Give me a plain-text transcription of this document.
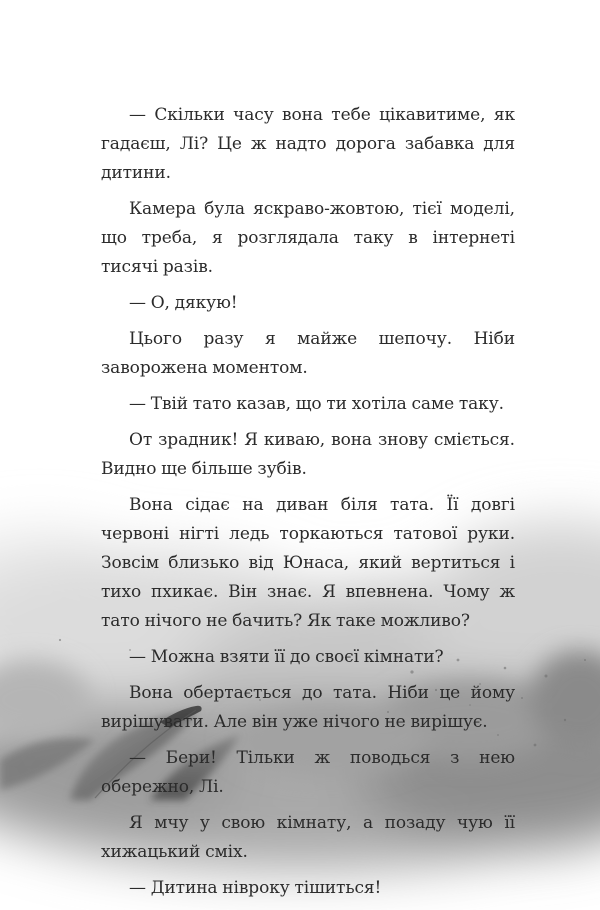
— Скільки часу вона тебе цікавитиме, як гадаєш, Лі? Це ж надто дорога забавка для дитини.

Камера була яскраво-жовтою, тієї моделі, що треба, я розглядала таку в інтернеті тисячі разів.

— О, дякую!

Цього разу я майже шепочу. Ніби заворожена моментом.

— Твій тато казав, що ти хотіла саме таку.

От зрадник! Я киваю, вона знову сміється. Видно ще більше зубів.

Вона сідає на диван біля тата. Її довгі червоні нігті ледь торкаються татової руки. Зовсім близько від Юнаса, який вертиться і тихо пхикає. Він знає. Я впевнена. Чому ж тато нічого не бачить? Як таке можливо?

— Можна взяти її до своєї кімнати?

Вона обертається до тата. Ніби це йому вирішувати. Але він уже нічого не вирішує.

— Бери! Тільки ж поводься з нею обережно, Лі.

Я мчу у свою кімнату, а позаду чую її хижацький сміх.

— Дитина нівроку тішиться!
